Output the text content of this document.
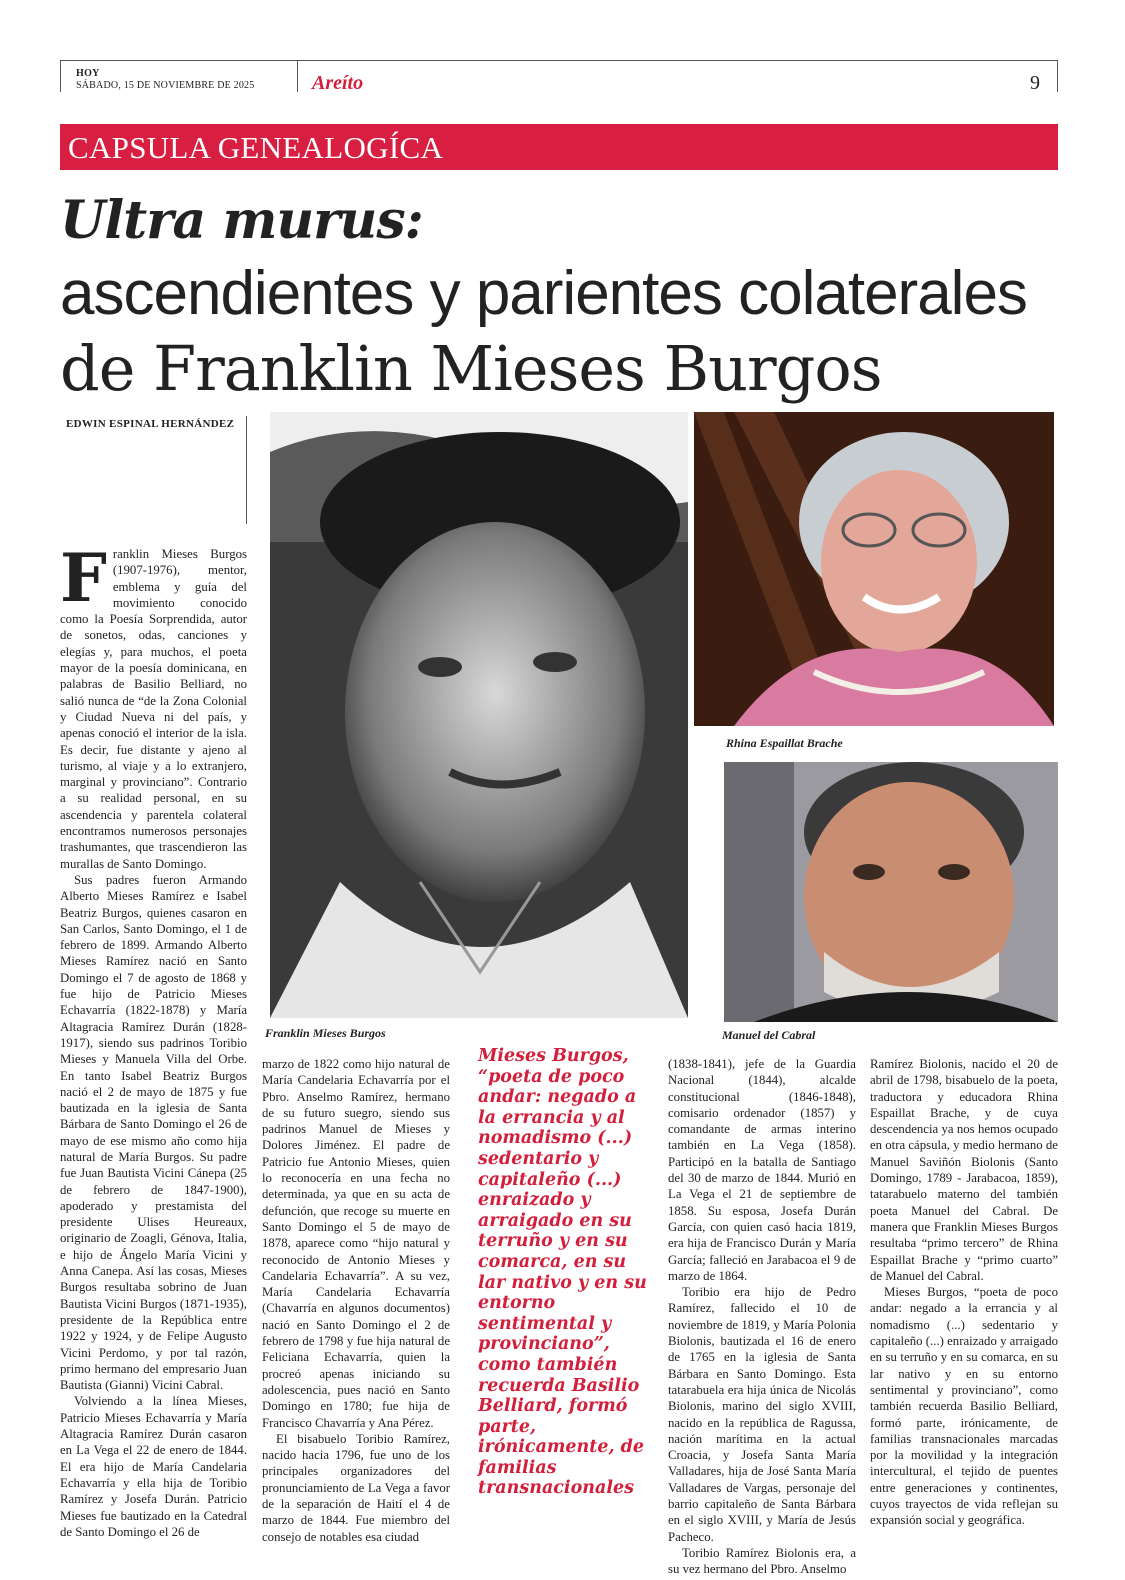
HOY
SÁBADO, 15 DE NOVIEMBRE DE 2025	Areíto	9
CAPSULA GENEALOGÍCA
Ultra murus:
ascendientes y parientes colaterales
de Franklin Mieses Burgos
EDWIN ESPINAL HERNÁNDEZ
Franklin Mieses Burgos
Rhina Espaillat Brache
Manuel del Cabral

Franklin Mieses Burgos (1907-1976), mentor, emblema y guía del movimiento conocido como la Poesía Sorprendida, autor de sonetos, odas, canciones y elegías y, para muchos, el poeta mayor de la poesía dominicana, en palabras de Basilio Belliard, no salió nunca de “de la Zona Colonial y Ciudad Nueva ni del país, y apenas conoció el interior de la isla. Es decir, fue distante y ajeno al turismo, al viaje y a lo extranjero, marginal y provinciano”. Contrario a su realidad personal, en su ascendencia y parentela colateral encontramos numerosos personajes trashumantes, que trascendieron las murallas de Santo Domingo.

Sus padres fueron Armando Alberto Mieses Ramírez e Isabel Beatriz Burgos, quienes casaron en San Carlos, Santo Domingo, el 1 de febrero de 1899. Armando Alberto Mieses Ramírez nació en Santo Domingo el 7 de agosto de 1868 y fue hijo de Patricio Mieses Echavarría (1822-1878) y María Altagracia Ramírez Durán (1828-1917), siendo sus padrinos Toribio Mieses y Manuela Villa del Orbe. En tanto Isabel Beatriz Burgos nació el 2 de mayo de 1875 y fue bautizada en la iglesia de Santa Bárbara de Santo Domingo el 26 de mayo de ese mismo año como hija natural de María Burgos. Su padre fue Juan Bautista Vicini Cánepa (25 de febrero de 1847-1900), apoderado y prestamista del presidente Ulises Heureaux, originario de Zoagli, Génova, Italia, e hijo de Ángelo María Vicini y Anna Canepa. Así las cosas, Mieses Burgos resultaba sobrino de Juan Bautista Vicini Burgos (1871-1935), presidente de la República entre 1922 y 1924, y de Felipe Augusto Vicini Perdomo, y por tal razón, primo hermano del empresario Juan Bautista (Gianni) Vicini Cabral.

Volviendo a la línea Mieses, Patricio Mieses Echavarría y María Altagracia Ramírez Durán casaron en La Vega el 22 de enero de 1844. El era hijo de María Candelaria Echavarría y ella hija de Toribio Ramírez y Josefa Durán. Patricio Mieses fue bautizado en la Catedral de Santo Domingo el 26 de

marzo de 1822 como hijo natural de María Candelaria Echavarría por el Pbro. Anselmo Ramírez, hermano de su futuro suegro, siendo sus padrinos Manuel de Mieses y Dolores Jiménez. El padre de Patricio fue Antonio Mieses, quien lo reconocería en una fecha no determinada, ya que en su acta de defunción, que recoge su muerte en Santo Domingo el 5 de mayo de 1878, aparece como “hijo natural y reconocido de Antonio Mieses y Candelaria Echavarría”. A su vez, María Candelaria Echavarría (Chavarría en algunos documentos) nació en Santo Domingo el 2 de febrero de 1798 y fue hija natural de Feliciana Echavarría, quien la procreó apenas iniciando su adolescencia, pues nació en Santo Domingo en 1780; fue hija de Francisco Chavarría y Ana Pérez.

El bisabuelo Toribio Ramírez, nacido hacia 1796, fue uno de los principales organizadores del pronunciamiento de La Vega a favor de la separación de Haití el 4 de marzo de 1844. Fue miembro del consejo de notables esa ciudad

Mieses Burgos, “poeta de poco andar: negado a la errancia y al nomadismo (...) sedentario y capitaleño (...) enraizado y arraigado en su terruño y en su comarca, en su lar nativo y en su entorno sentimental y provinciano”, como también recuerda Basilio Belliard, formó parte, irónicamente, de familias transnacionales

(1838-1841), jefe de la Guardia Nacional (1844), alcalde constitucional (1846-1848), comisario ordenador (1857) y comandante de armas interino también en La Vega (1858). Participó en la batalla de Santiago del 30 de marzo de 1844. Murió en La Vega el 21 de septiembre de 1858. Su esposa, Josefa Durán García, con quien casó hacia 1819, era hija de Francisco Durán y María García; falleció en Jarabacoa el 9 de marzo de 1864.

Toribio era hijo de Pedro Ramírez, fallecido el 10 de noviembre de 1819, y María Polonia Biolonis, bautizada el 16 de enero de 1765 en la iglesia de Santa Bárbara en Santo Domingo. Esta tatarabuela era hija única de Nicolás Biolonis, marino del siglo XVIII, nacido en la república de Ragussa, nación marítima en la actual Croacia, y Josefa Santa María Valladares, hija de José Santa María Valladares de Vargas, personaje del barrio capitaleño de Santa Bárbara en el siglo XVIII, y María de Jesús Pacheco.

Toribio Ramírez Biolonis era, a su vez hermano del Pbro. Anselmo

Ramírez Biolonis, nacido el 20 de abril de 1798, bisabuelo de la poeta, traductora y educadora Rhina Espaillat Brache, y de cuya descendencia ya nos hemos ocupado en otra cápsula, y medio hermano de Manuel Saviñón Biolonis (Santo Domingo, 1789 - Jarabacoa, 1859), tatarabuelo materno del también poeta Manuel del Cabral. De manera que Franklin Mieses Burgos resultaba “primo tercero” de Rhina Espaillat Brache y “primo cuarto” de Manuel del Cabral.

Mieses Burgos, “poeta de poco andar: negado a la errancia y al nomadismo (...) sedentario y capitaleño (...) enraizado y arraigado en su terruño y en su comarca, en su lar nativo y en su entorno sentimental y provinciano”, como también recuerda Basilio Belliard, formó parte, irónicamente, de familias transnacionales marcadas por la movilidad y la integración intercultural, el tejido de puentes entre generaciones y continentes, cuyos trayectos de vida reflejan su expansión social y geográfica.
